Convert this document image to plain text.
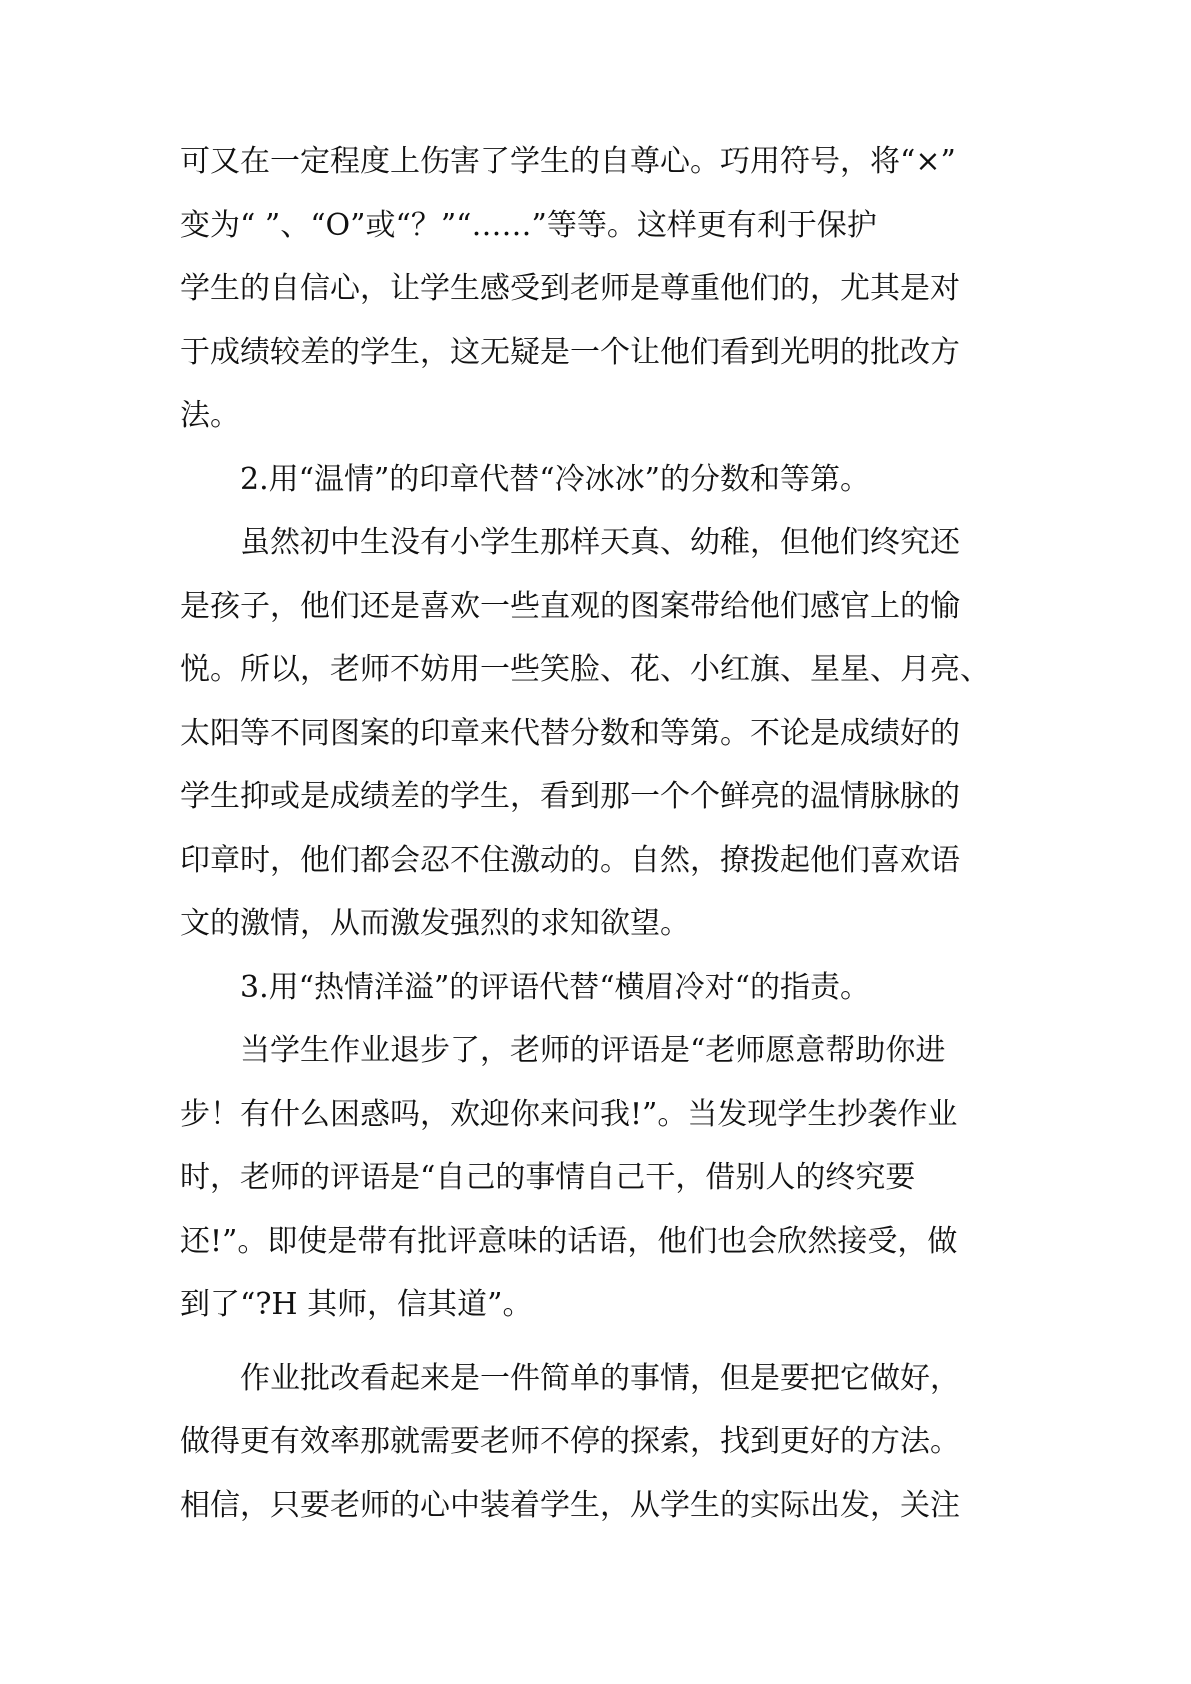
可又在一定程度上伤害了学生的自尊心。巧用符号，将“×”
变为“ ”、“O”或“？”“……”等等。这样更有利于保护
学生的自信心，让学生感受到老师是尊重他们的，尤其是对
于成绩较差的学生，这无疑是一个让他们看到光明的批改方
法。
2.用“温情”的印章代替“冷冰冰”的分数和等第。
虽然初中生没有小学生那样天真、幼稚，但他们终究还
是孩子，他们还是喜欢一些直观的图案带给他们感官上的愉
悦。所以，老师不妨用一些笑脸、花、小红旗、星星、月亮、
太阳等不同图案的印章来代替分数和等第。不论是成绩好的
学生抑或是成绩差的学生，看到那一个个鲜亮的温情脉脉的
印章时，他们都会忍不住激动的。自然，撩拨起他们喜欢语
文的激情，从而激发强烈的求知欲望。
3.用“热情洋溢”的评语代替“横眉冷对“的指责。
当学生作业退步了，老师的评语是“老师愿意帮助你进
步！有什么困惑吗，欢迎你来问我!”。当发现学生抄袭作业
时，老师的评语是“自己的事情自己干，借别人的终究要
还!”。即使是带有批评意味的话语，他们也会欣然接受，做
到了“?H 其师，信其道”。
作业批改看起来是一件简单的事情，但是要把它做好，
做得更有效率那就需要老师不停的探索，找到更好的方法。
相信，只要老师的心中装着学生，从学生的实际出发，关注
